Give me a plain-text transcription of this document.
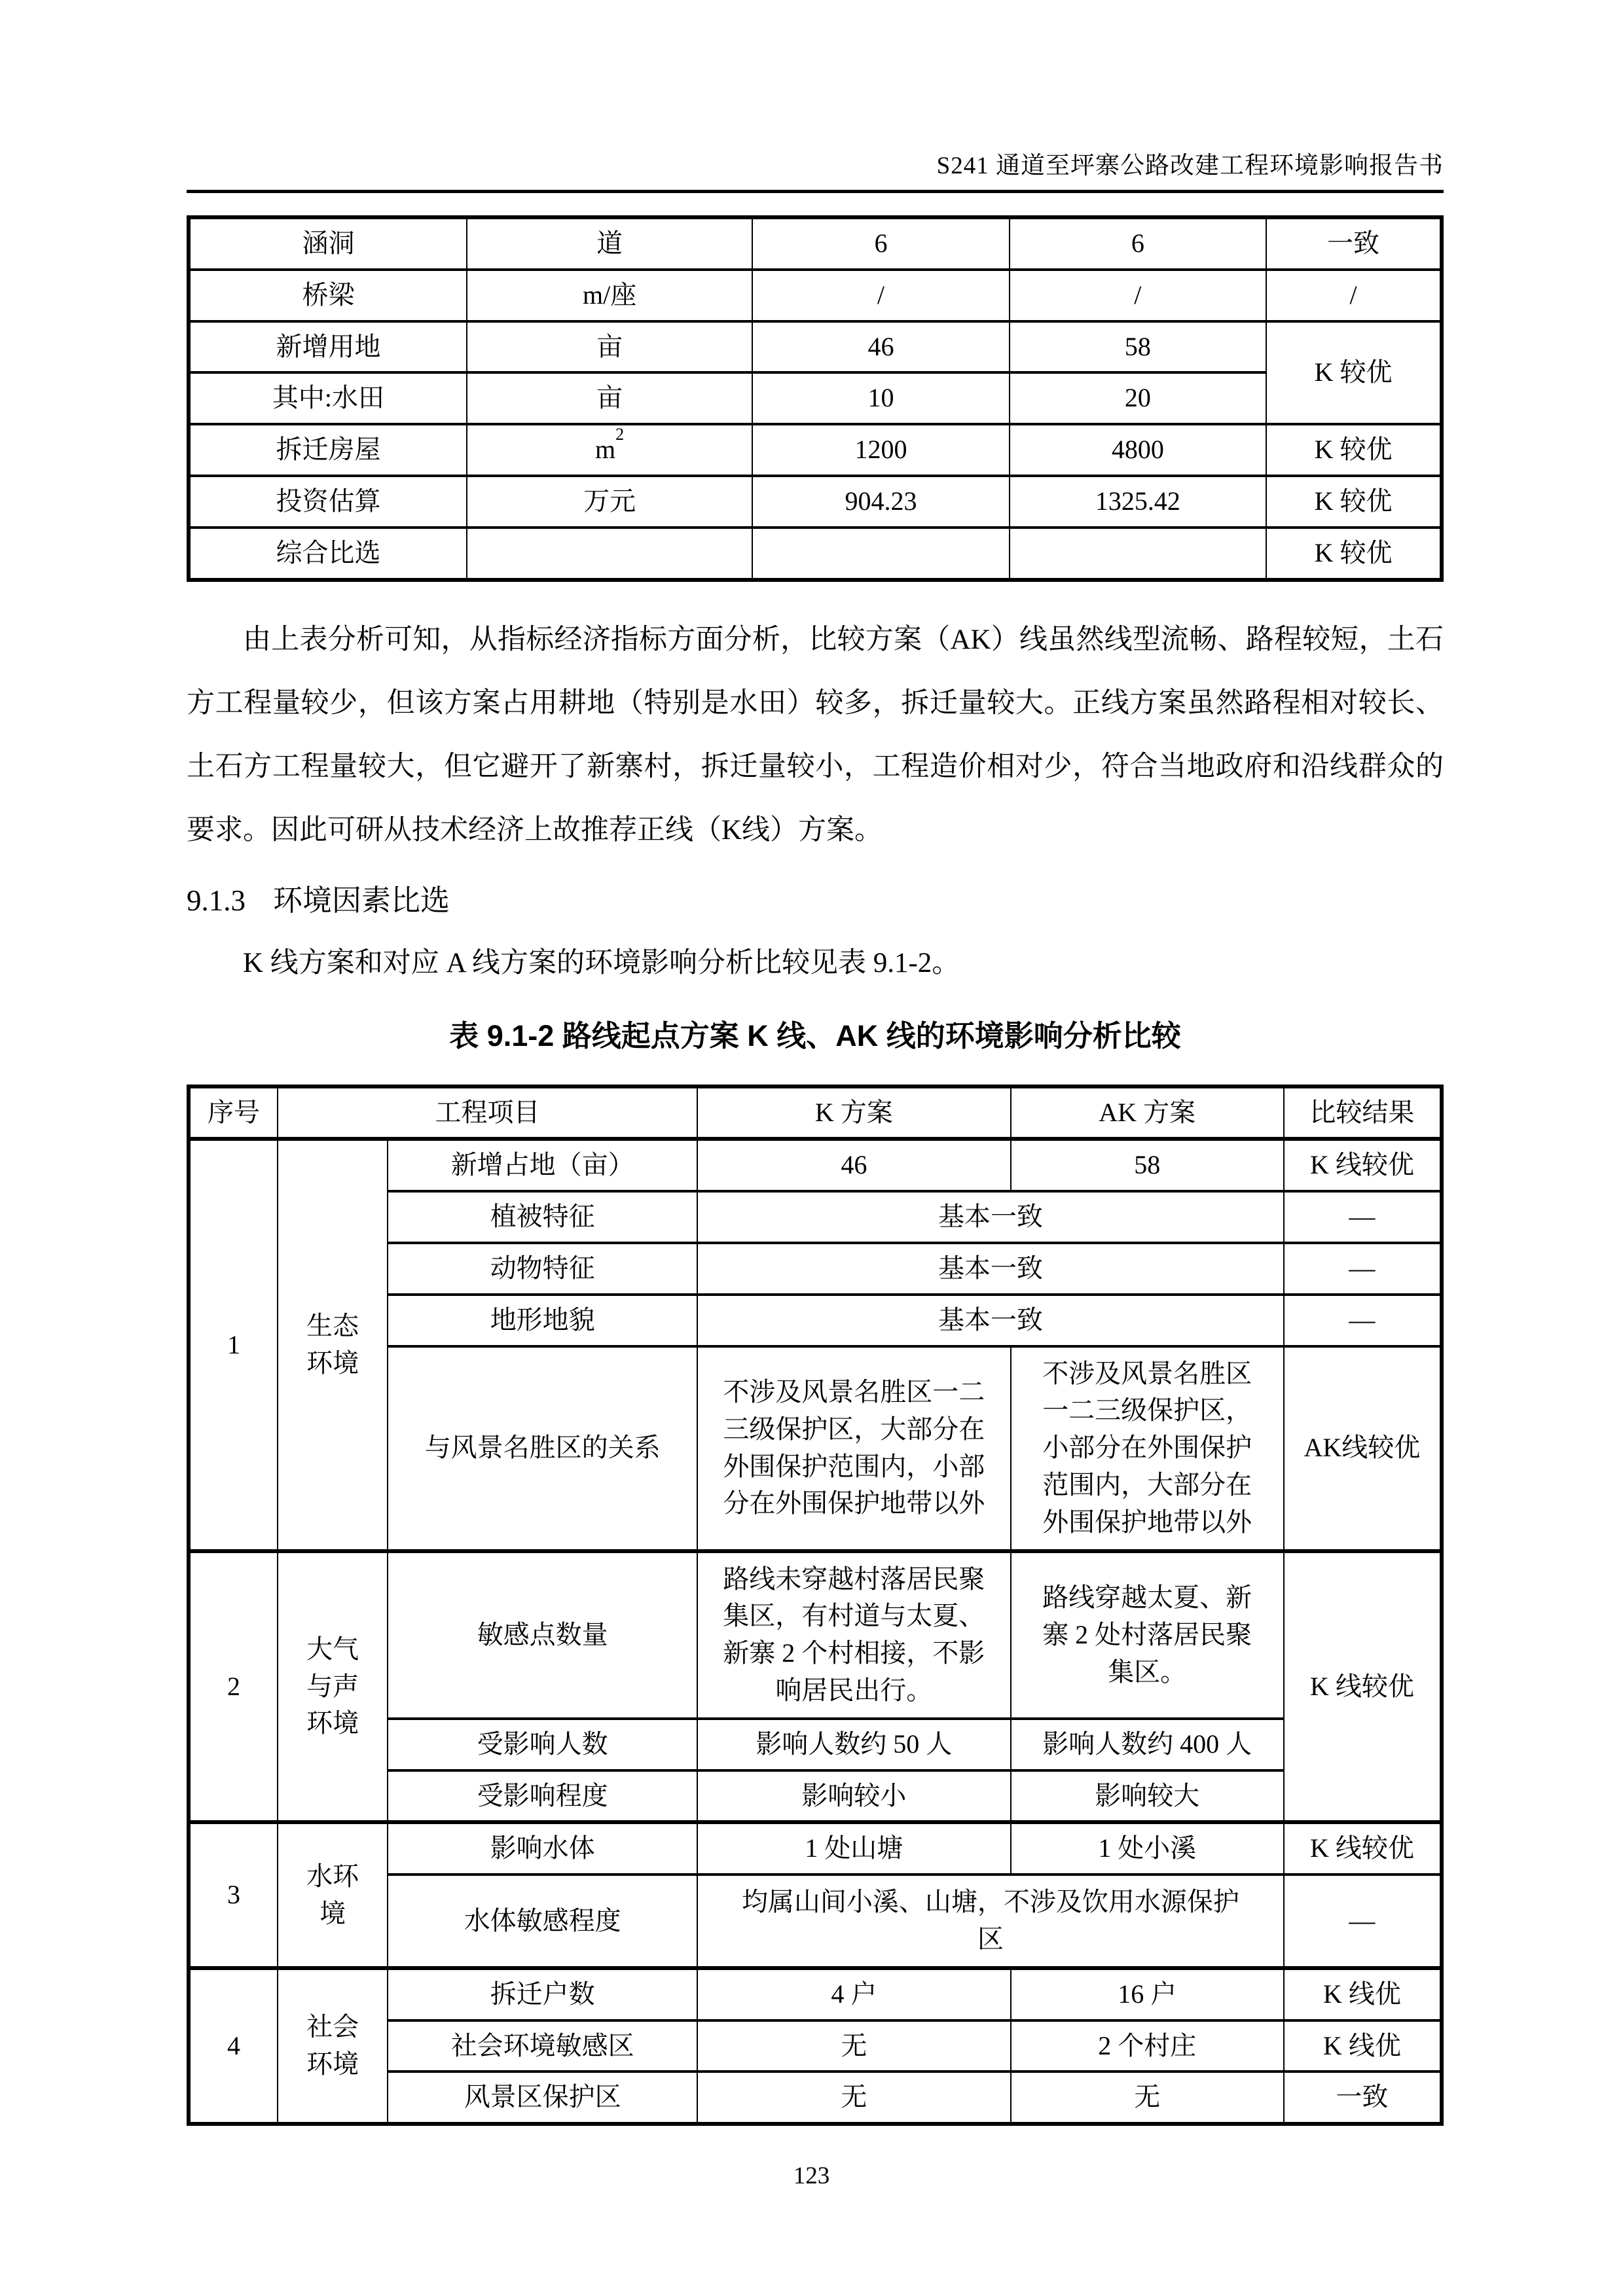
S241 通道至坪寨公路改建工程环境影响报告书
涵洞	道	6	6	一致
桥梁	m/座	/	/	/
新增用地	亩	46	58	K 较优
其中:水田	亩	10	20	
拆迁房屋	$m^2$	1200	4800	K 较优
投资估算	万元	904.23	1325.42	K 较优
综合比选				K 较优

由上表分析可知，从指标经济指标方面分析，比较方案（AK）线虽然线型流畅、路程较短，土石方工程量较少，但该方案占用耕地（特别是水田）较多，拆迁量较大。正线方案虽然路程相对较长、土石方工程量较大，但它避开了新寨村，拆迁量较小，工程造价相对少，符合当地政府和沿线群众的要求。因此可研从技术经济上故推荐正线（K线）方案。

9.1.3 环境因素比选

K 线方案和对应 A 线方案的环境影响分析比较见表 9.1-2。

表 9.1-2 路线起点方案 K 线、AK 线的环境影响分析比较
序号	工程项目		K 方案	AK 方案	比较结果
1	生态环境	新增占地（亩）	46	58	K 线较优
		植被特征	基本一致		—
		动物特征	基本一致		—
		地形地貌	基本一致		—
		与风景名胜区的关系	不涉及风景名胜区一二三级保护区，大部分在外围保护范围内，小部分在外围保护地带以外	不涉及风景名胜区一二三级保护区，小部分在外围保护范围内，大部分在外围保护地带以外	AK线较优
2	大气与声环境	敏感点数量	路线未穿越村落居民聚集区，有村道与太夏、新寨 2 个村相接，不影响居民出行。	路线穿越太夏、新寨 2 处村落居民聚集区。	K 线较优
		受影响人数	影响人数约 50 人	影响人数约 400 人	
		受影响程度	影响较小	影响较大	
3	水环境	影响水体	1 处山塘	1 处小溪	K 线较优
		水体敏感程度	均属山间小溪、山塘，不涉及饮用水源保护区		—
4	社会环境	拆迁户数	4 户	16 户	K 线优
		社会环境敏感区	无	2 个村庄	K 线优
		风景区保护区	无	无	一致
123
